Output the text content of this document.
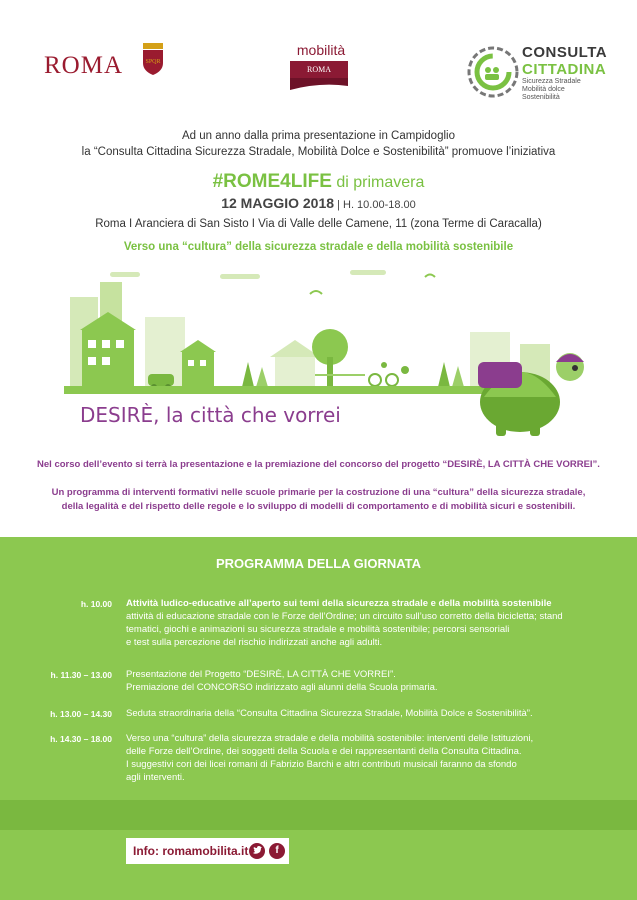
ROMA	SPQR
mobilità
ROMA
CONSULTA
CITTADINA
Sicurezza Stradale
Mobilità dolce
Sostenibilità
Ad un anno dalla prima presentazione in Campidoglio
la “Consulta Cittadina Sicurezza Stradale, Mobilità Dolce e Sostenibilità” promuove l’iniziativa
#ROME4LIFE di primavera
12 MAGGIO 2018 | H. 10.00-18.00
Roma I Aranciera di San Sisto I Via di Valle delle Camene, 11 (zona Terme di Caracalla)
Verso una “cultura” della sicurezza stradale e della mobilità sostenibile
DESIRÈ, la città che vorrei
Nel corso dell’evento si terrà la presentazione e la premiazione del concorso del progetto “DESIRÈ, LA CITTÀ CHE VORREI”.
Un programma di interventi formativi nelle scuole primarie per la costruzione di una “cultura” della sicurezza stradale,
della legalità e del rispetto delle regole e lo sviluppo di modelli di comportamento e di mobilità sicuri e sostenibili.
PROGRAMMA DELLA GIORNATA
h. 10.00 Attività ludico-educative all’aperto sui temi della sicurezza stradale e della mobilità sostenibile
attività di educazione stradale con le Forze dell’Ordine; un circuito sull’uso corretto della bicicletta; stand
tematici, giochi e animazioni su sicurezza stradale e mobilità sostenibile; percorsi sensoriali
e test sulla percezione del rischio indirizzati anche agli adulti.
h. 11.30 – 13.00 Presentazione del Progetto “DESIRÈ, LA CITTÀ CHE VORREI”.
Premiazione del CONCORSO indirizzato agli alunni della Scuola primaria.
h. 13.00 – 14.30 Seduta straordinaria della “Consulta Cittadina Sicurezza Stradale, Mobilità Dolce e Sostenibilità”.
h. 14.30 – 18.00 Verso una “cultura” della sicurezza stradale e della mobilità sostenibile: interventi delle Istituzioni,
delle Forze dell’Ordine, dei soggetti della Scuola e dei rappresentanti della Consulta Cittadina.
I suggestivi cori dei licei romani di Fabrizio Barchi e altri contributi musicali faranno da sfondo
agli interventi.
Info: romamobilita.it	f
